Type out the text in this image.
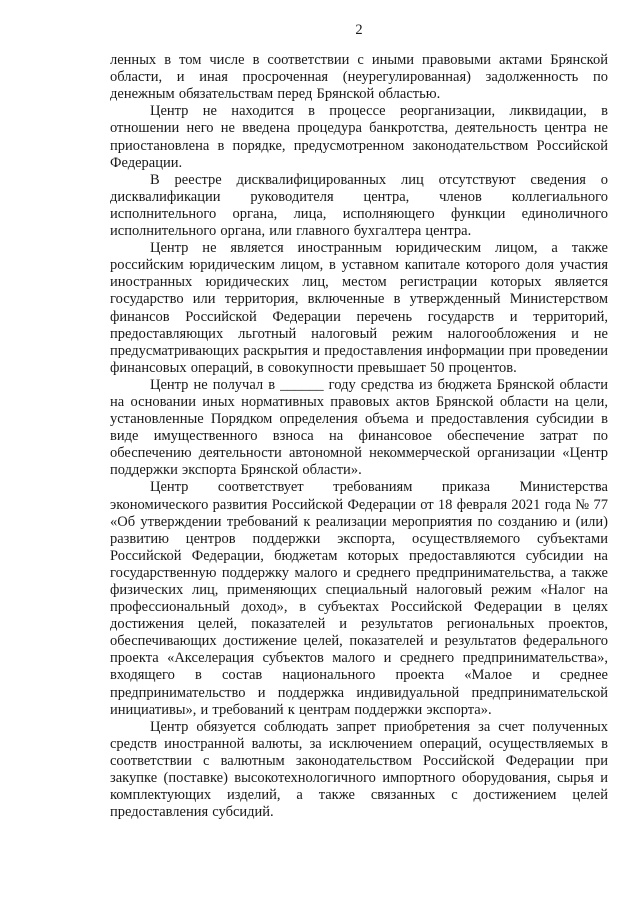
2

ленных в том числе в соответствии с иными правовыми актами Брянской области, и иная просроченная (неурегулированная) задолженность по денежным обязательствам перед Брянской областью.

Центр не находится в процессе реорганизации, ликвидации, в отношении него не введена процедура банкротства, деятельность центра не приостановлена в порядке, предусмотренном законодательством Российской Федерации.

В реестре дисквалифицированных лиц отсутствуют сведения о дисквалификации руководителя центра, членов коллегиального исполнительного органа, лица, исполняющего функции единоличного исполнительного органа, или главного бухгалтера центра.

Центр не является иностранным юридическим лицом, а также российским юридическим лицом, в уставном капитале которого доля участия иностранных юридических лиц, местом регистрации которых является государство или территория, включенные в утвержденный Министерством финансов Российской Федерации перечень государств и территорий, предоставляющих льготный налоговый режим налогообложения и не предусматривающих раскрытия и предоставления информации при проведении финансовых операций, в совокупности превышает 50 процентов.

Центр не получал в ______ году средства из бюджета Брянской области на основании иных нормативных правовых актов Брянской области на цели, установленные Порядком определения объема и предоставления субсидии в виде имущественного взноса на финансовое обеспечение затрат по обеспечению деятельности автономной некоммерческой организации «Центр поддержки экспорта Брянской области».

Центр соответствует требованиям приказа Министерства экономического развития Российской Федерации от 18 февраля 2021 года № 77 «Об утверждении требований к реализации мероприятия по созданию и (или) развитию центров поддержки экспорта, осуществляемого субъектами Российской Федерации, бюджетам которых предоставляются субсидии на государственную поддержку малого и среднего предпринимательства, а также физических лиц, применяющих специальный налоговый режим «Налог на профессиональный доход», в субъектах Российской Федерации в целях достижения целей, показателей и результатов региональных проектов, обеспечивающих достижение целей, показателей и результатов федерального проекта «Акселерация субъектов малого и среднего предпринимательства», входящего в состав национального проекта «Малое и среднее предпринимательство и поддержка индивидуальной предпринимательской инициативы», и требований к центрам поддержки экспорта».

Центр обязуется соблюдать запрет приобретения за счет полученных средств иностранной валюты, за исключением операций, осуществляемых в соответствии с валютным законодательством Российской Федерации при закупке (поставке) высокотехнологичного импортного оборудования, сырья и комплектующих изделий, а также связанных с достижением целей предоставления субсидий.
